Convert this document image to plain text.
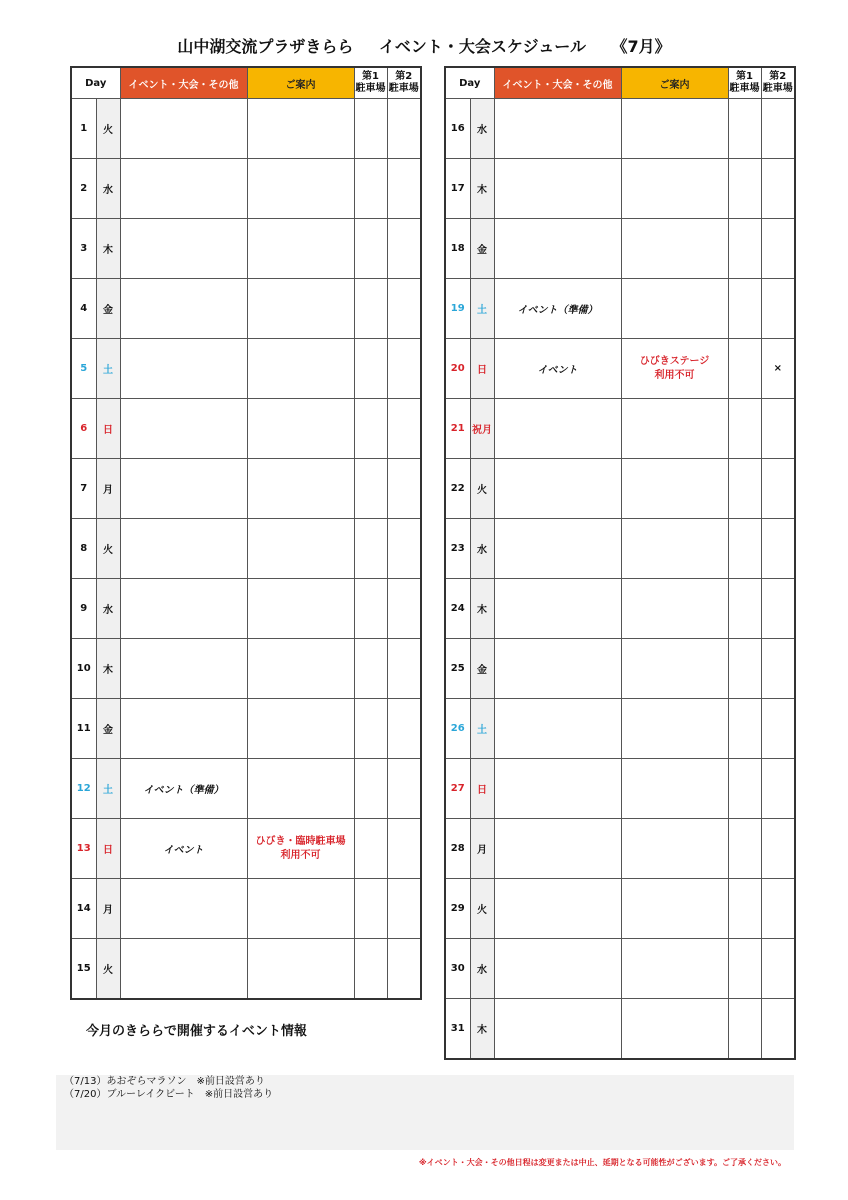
山中湖交流プラザきらら イベント・大会スケジュール 《7月》
Day		イベント・大会・その他	ご案内	第1
駐車場	第2
駐車場
1	火		

2	水		

3	木		

4	金		

5	土		

6	日		

7	月		

8	火		

9	水		

10	木		

11	金		

12	土	イベント（準備）	

13	日	イベント	ひびき・臨時駐車場
利用不可		
14	月		

15	火		

Day		イベント・大会・その他	ご案内	第1
駐車場	第2
駐車場
16	水		

17	木		

18	金		

19	土	イベント（準備）	

20	日	イベント	ひびきステージ
利用不可		×
21	祝月		

22	火		

23	水		

24	木		

25	金		

26	土		

27	日		

28	月		

29	火		

30	水		

31	木		

今月のきららで開催するイベント情報
（7/13）あおぞらマラソン　※前日設営あり
（7/20）ブルーレイクビート　※前日設営あり
※イベント・大会・その他日程は変更または中止、延期となる可能性がございます。ご了承ください。
